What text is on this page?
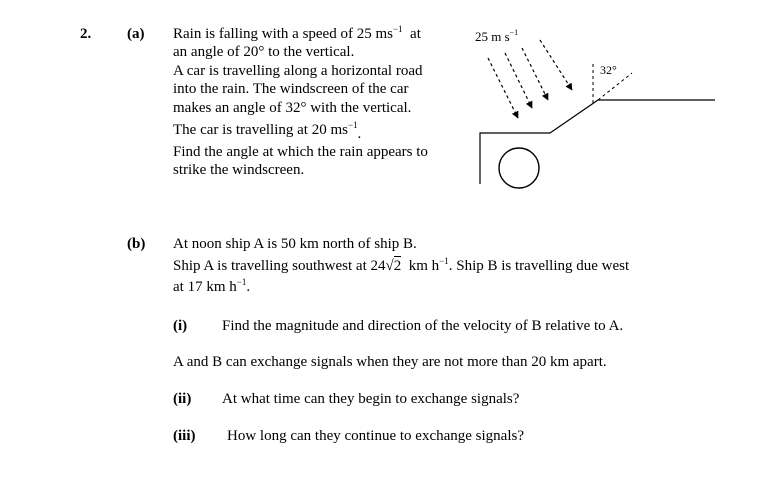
2. (a) Rain is falling with a speed of 25 $ms^{-1}$ at
an angle of 20° to the vertical.
A car is travelling along a horizontal road
into the rain. The windscreen of the car
makes an angle of 32° with the vertical.
The car is travelling at 20 $ms^{-1}$.
Find the angle at which the rain appears to
strike the windscreen.
25 m $s^{-1}$
32°
(b) At noon ship A is 50 km north of ship B.
Ship A is travelling southwest at 24√2 km $h^{-1}$. Ship B is travelling due west
at 17 km $h^{-1}$.
(i) Find the magnitude and direction of the velocity of B relative to A.
A and B can exchange signals when they are not more than 20 km apart.
(ii) At what time can they begin to exchange signals?
(iii) How long can they continue to exchange signals?
